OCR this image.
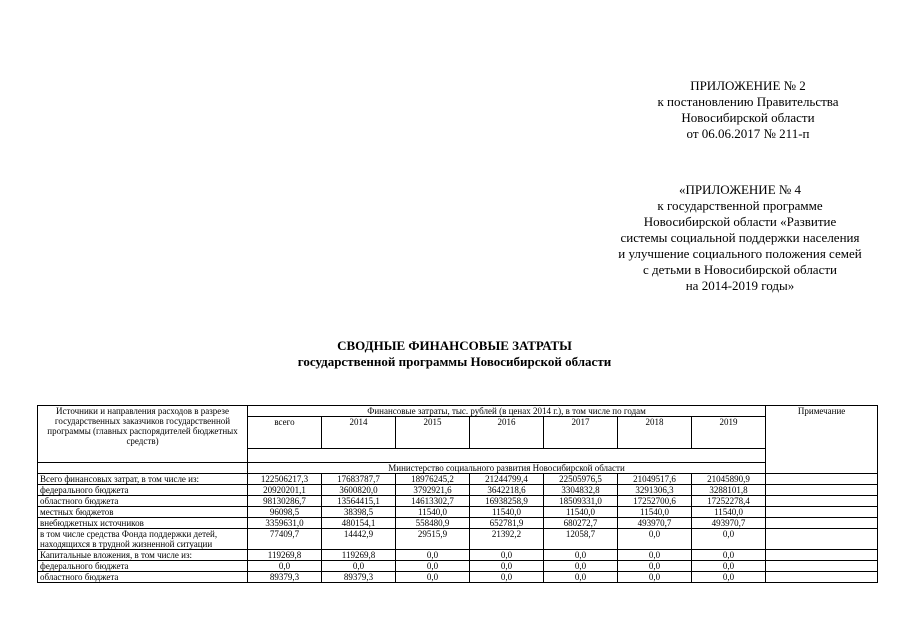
ПРИЛОЖЕНИЕ № 2
к постановлению Правительства
Новосибирской области
от 06.06.2017 № 211-п
«ПРИЛОЖЕНИЕ № 4
к государственной программе
Новосибирской области «Развитие
системы социальной поддержки населения
и улучшение социального положения семей
с детьми в Новосибирской области
на 2014-2019 годы»
СВОДНЫЕ ФИНАНСОВЫЕ ЗАТРАТЫ
государственной программы Новосибирской области
Источники и направления расходов в разрезе государственных заказчиков государственной программы (главных распорядителей бюджетных средств)	Финансовые затраты, тыс. рублей (в ценах 2014 г.), в том числе по годам							Примечание
	всего	2014	2015	2016	2017	2018	2019	

	Министерство социального развития Новосибирской области							
Всего финансовых затрат, в том числе из:	122506217,3	17683787,7	18976245,2	21244799,4	22505976,5	21049517,6	21045890,9	
федерального бюджета	20920201,1	3600820,0	3792921,6	3642218,6	3304832,8	3291306,3	3288101,8	
областного бюджета	98130286,7	13564415,1	14613302,7	16938258,9	18509331,0	17252700,6	17252278,4	
местных бюджетов	96098,5	38398,5	11540,0	11540,0	11540,0	11540,0	11540,0	
внебюджетных источников	3359631,0	480154,1	558480,9	652781,9	680272,7	493970,7	493970,7	
в том числе средства Фонда поддержки детей, находящихся в трудной жизненной ситуации	77409,7	14442,9	29515,9	21392,2	12058,7	0,0	0,0	
Капитальные вложения, в том числе из:	119269,8	119269,8	0,0	0,0	0,0	0,0	0,0	
федерального бюджета	0,0	0,0	0,0	0,0	0,0	0,0	0,0	
областного бюджета	89379,3	89379,3	0,0	0,0	0,0	0,0	0,0	
